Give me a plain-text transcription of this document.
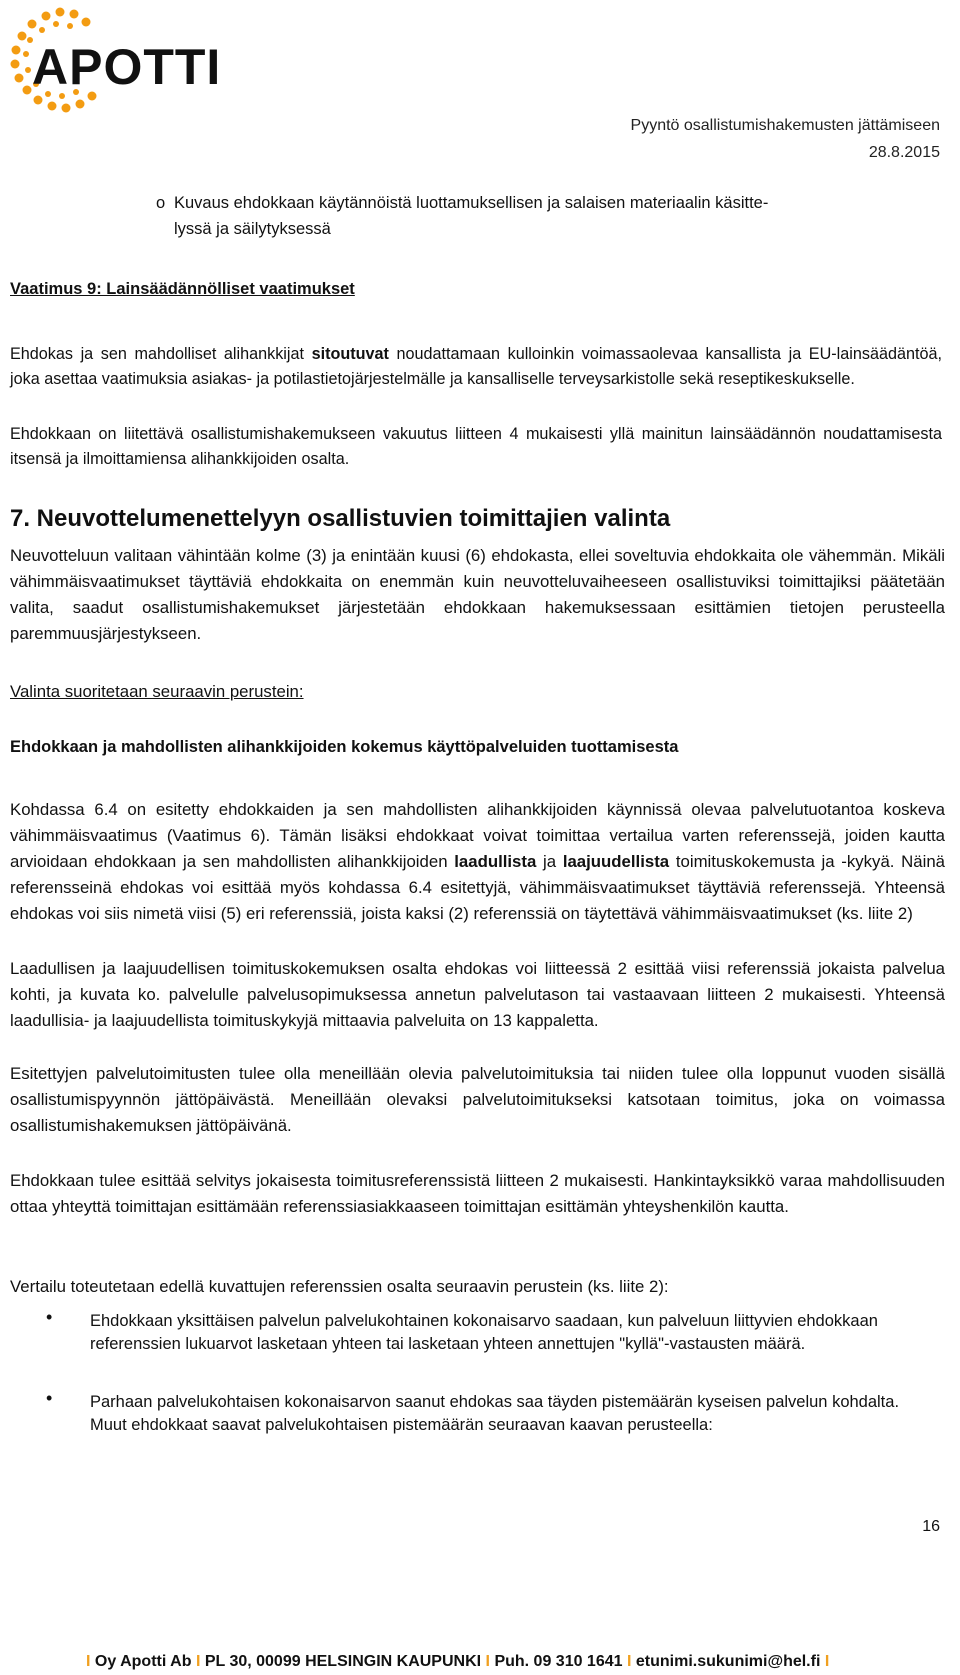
APOTTI
Pyyntö osallistumishakemusten jättämiseen
28.8.2015
o Kuvaus ehdokkaan käytännöistä luottamuksellisen ja salaisen materiaalin käsitte-
lyssä ja säilytyksessä
Vaatimus 9: Lainsäädännölliset vaatimukset
Ehdokas ja sen mahdolliset alihankkijat sitoutuvat noudattamaan kulloinkin voimassaolevaa kansallista ja EU-lainsäädäntöä, joka asettaa vaatimuksia asiakas- ja potilastietojärjestelmälle ja kansalliselle terveysarkistolle sekä reseptikeskukselle.
Ehdokkaan on liitettävä osallistumishakemukseen vakuutus liitteen 4 mukaisesti yllä mainitun lainsäädännön noudattamisesta itsensä ja ilmoittamiensa alihankkijoiden osalta.
7. Neuvottelumenettelyyn osallistuvien toimittajien valinta
Neuvotteluun valitaan vähintään kolme (3) ja enintään kuusi (6) ehdokasta, ellei soveltuvia ehdokkaita ole vähemmän. Mikäli vähimmäisvaatimukset täyttäviä ehdokkaita on enemmän kuin neuvotteluvaiheeseen osallistuviksi toimittajiksi päätetään valita, saadut osallistumishakemukset järjestetään ehdokkaan hakemuksessaan esittämien tietojen perusteella paremmuusjärjestykseen.
Valinta suoritetaan seuraavin perustein:
Ehdokkaan ja mahdollisten alihankkijoiden kokemus käyttöpalveluiden tuottamisesta
Kohdassa 6.4 on esitetty ehdokkaiden ja sen mahdollisten alihankkijoiden käynnissä olevaa palvelutuotantoa koskeva vähimmäisvaatimus (Vaatimus 6). Tämän lisäksi ehdokkaat voivat toimittaa vertailua varten referenssejä, joiden kautta arvioidaan ehdokkaan ja sen mahdollisten alihankkijoiden laadullista ja laajuudellista toimituskokemusta ja -kykyä. Näinä referensseinä ehdokas voi esittää myös kohdassa 6.4 esitettyjä, vähimmäisvaatimukset täyttäviä referenssejä. Yhteensä ehdokas voi siis nimetä viisi (5) eri referenssiä, joista kaksi (2) referenssiä on täytettävä vähimmäisvaatimukset (ks. liite 2)
Laadullisen ja laajuudellisen toimituskokemuksen osalta ehdokas voi liitteessä 2 esittää viisi referenssiä jokaista palvelua kohti, ja kuvata ko. palvelulle palvelusopimuksessa annetun palvelutason tai vastaavaan liitteen 2 mukaisesti. Yhteensä laadullisia- ja laajuudellista toimituskykyjä mittaavia palveluita on 13 kappaletta.
Esitettyjen palvelutoimitusten tulee olla meneillään olevia palvelutoimituksia tai niiden tulee olla loppunut vuoden sisällä osallistumispyynnön jättöpäivästä. Meneillään olevaksi palvelutoimitukseksi katsotaan toimitus, joka on voimassa osallistumishakemuksen jättöpäivänä.
Ehdokkaan tulee esittää selvitys jokaisesta toimitusreferenssistä liitteen 2 mukaisesti. Hankintayksikkö varaa mahdollisuuden ottaa yhteyttä toimittajan esittämään referenssiasiakkaaseen toimittajan esittämän yhteyshenkilön kautta.
Vertailu toteutetaan edellä kuvattujen referenssien osalta seuraavin perustein (ks. liite 2):
• Ehdokkaan yksittäisen palvelun palvelukohtainen kokonaisarvo saadaan, kun palveluun liittyvien ehdokkaan referenssien lukuarvot lasketaan yhteen tai lasketaan yhteen annettujen "kyllä"-vastausten määrä.
• Parhaan palvelukohtaisen kokonaisarvon saanut ehdokas saa täyden pistemäärän kyseisen palvelun kohdalta. Muut ehdokkaat saavat palvelukohtaisen pistemäärän seuraavan kaavan perusteella:
16
I Oy Apotti Ab I PL 30, 00099 HELSINGIN KAUPUNKI I Puh. 09 310 1641 I etunimi.sukunimi@hel.fi I
